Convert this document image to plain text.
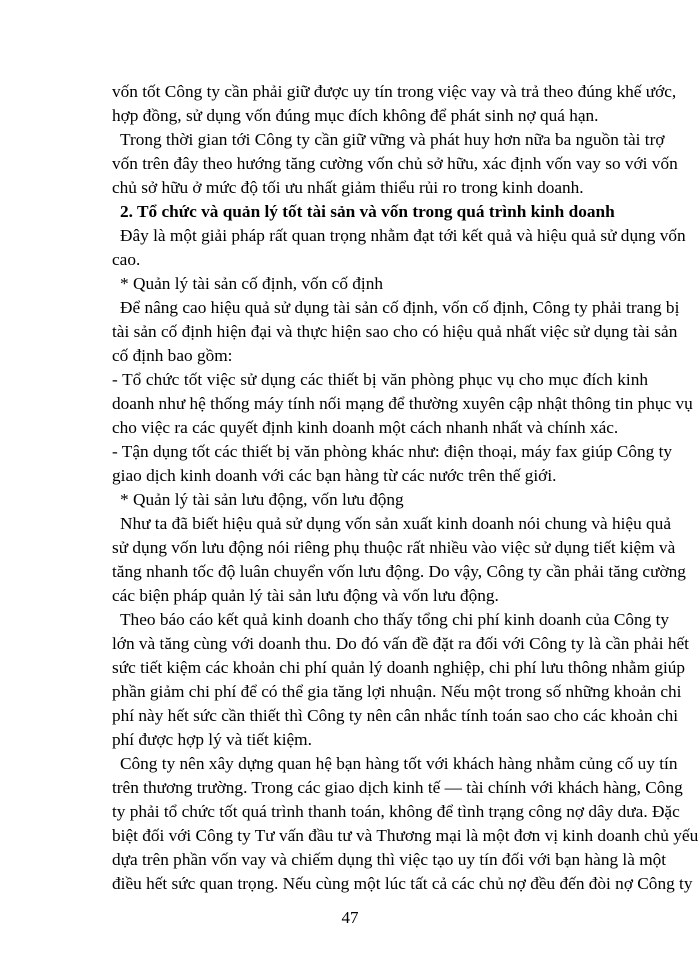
vốn tốt Công ty cần phải giữ được uy tín trong việc vay và trả theo đúng khế ước,
hợp đồng, sử dụng vốn đúng mục đích không để phát sinh nợ quá hạn.
Trong thời gian tới Công ty cần giữ vững và phát huy hơn nữa ba nguồn tài trợ
vốn trên đây theo hướng tăng cường vốn chủ sở hữu, xác định vốn vay so với vốn
chủ sở hữu ở mức độ tối ưu nhất giảm thiểu rủi ro trong kinh doanh.
2. Tổ chức và quản lý tốt tài sản và vốn trong quá trình kinh doanh
Đây là một giải pháp rất quan trọng nhằm đạt tới kết quả và hiệu quả sử dụng vốn
cao.
* Quản lý tài sản cố định, vốn cố định
Để nâng cao hiệu quả sử dụng tài sản cố định, vốn cố định, Công ty phải trang bị
tài sản cố định hiện đại và thực hiện sao cho có hiệu quả nhất việc sử dụng tài sản
cố định bao gồm:
- Tổ chức tốt việc sử dụng các thiết bị văn phòng phục vụ cho mục đích kinh
doanh như hệ thống máy tính nối mạng để thường xuyên cập nhật thông tin phục vụ
cho việc ra các quyết định kinh doanh một cách nhanh nhất và chính xác.
- Tận dụng tốt các thiết bị văn phòng khác như: điện thoại, máy fax giúp Công ty
giao dịch kinh doanh với các bạn hàng từ các nước trên thế giới.
* Quản lý tài sản lưu động, vốn lưu động
Như ta đã biết hiệu quả sử dụng vốn sản xuất kinh doanh nói chung và hiệu quả
sử dụng vốn lưu động nói riêng phụ thuộc rất nhiều vào việc sử dụng tiết kiệm và
tăng nhanh tốc độ luân chuyển vốn lưu động. Do vậy, Công ty cần phải tăng cường
các biện pháp quản lý tài sản lưu động và vốn lưu động.
Theo báo cáo kết quả kinh doanh cho thấy tổng chi phí kinh doanh của Công ty
lớn và tăng cùng với doanh thu. Do đó vấn đề đặt ra đối với Công ty là cần phải hết
sức tiết kiệm các khoản chi phí quản lý doanh nghiệp, chi phí lưu thông nhằm giúp
phần giảm chi phí để có thể gia tăng lợi nhuận. Nếu một trong số những khoản chi
phí này hết sức cần thiết thì Công ty nên cân nhắc tính toán sao cho các khoản chi
phí được hợp lý và tiết kiệm.
Công ty nên xây dựng quan hệ bạn hàng tốt với khách hàng nhằm củng cố uy tín
trên thương trường. Trong các giao dịch kinh tế — tài chính với khách hàng, Công
ty phải tổ chức tốt quá trình thanh toán, không để tình trạng công nợ dây dưa. Đặc
biệt đối với Công ty Tư vấn đầu tư và Thương mại là một đơn vị kinh doanh chủ yếu
dựa trên phần vốn vay và chiếm dụng thì việc tạo uy tín đối với bạn hàng là một
điều hết sức quan trọng. Nếu cùng một lúc tất cả các chủ nợ đều đến đòi nợ Công ty
47
